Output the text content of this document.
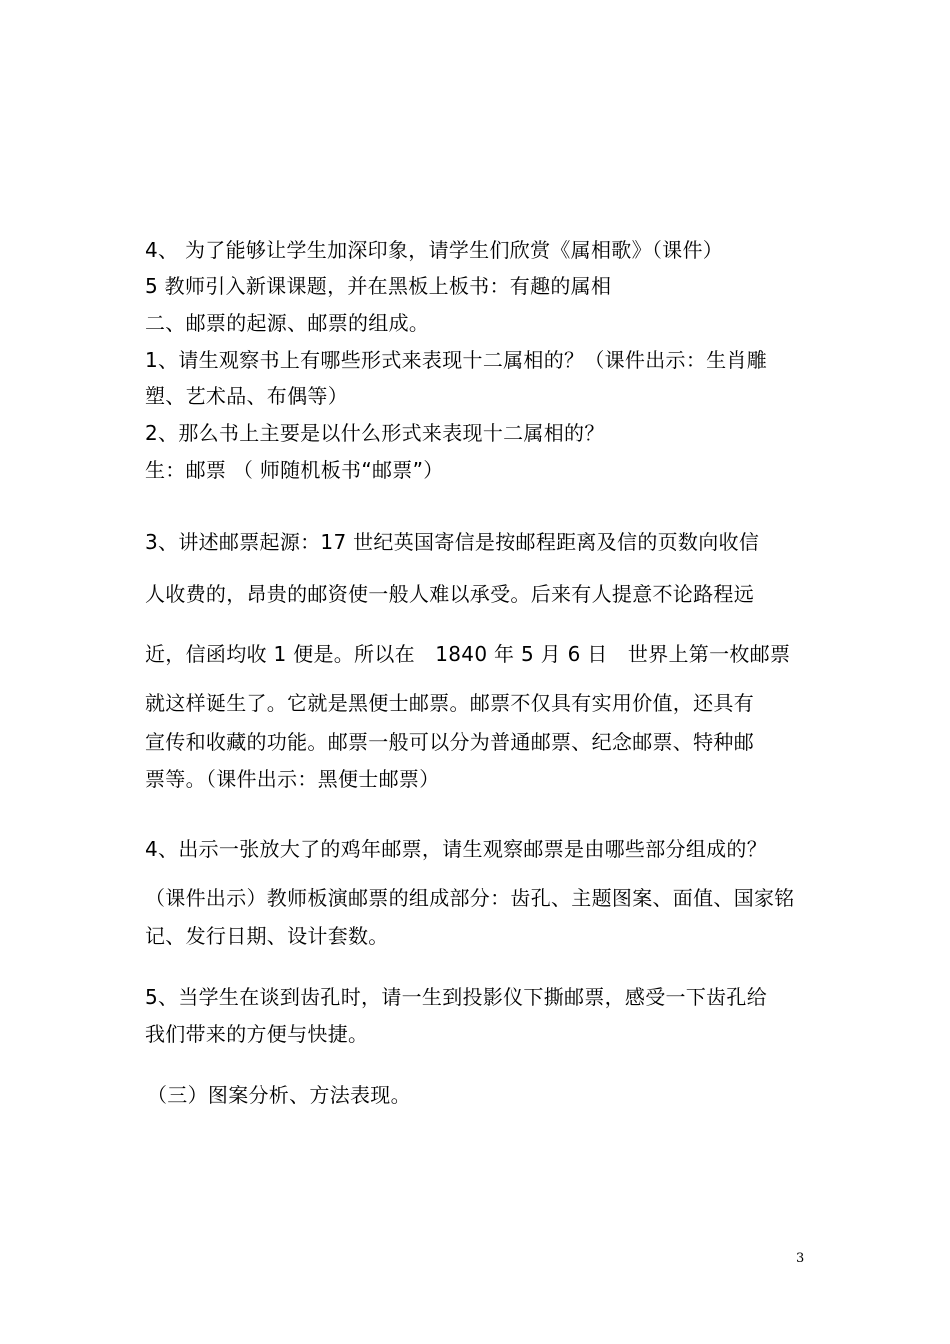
4、 为了能够让学生加深印象，请学生们欣赏《属相歌》（课件）
5 教师引入新课课题，并在黑板上板书：有趣的属相
二、邮票的起源、邮票的组成。
1、请生观察书上有哪些形式来表现十二属相的？（课件出示：生肖雕
塑、艺术品、布偶等）
2、那么书上主要是以什么形式来表现十二属相的？
生：邮票 （ 师随机板书“邮票”）
3、讲述邮票起源：17 世纪英国寄信是按邮程距离及信的页数向收信
人收费的，昂贵的邮资使一般人难以承受。后来有人提意不论路程远
近，信函均收 1 便是。所以在　1840 年 5 月 6 日　世界上第一枚邮票
就这样诞生了。它就是黑便士邮票。邮票不仅具有实用价值，还具有
宣传和收藏的功能。邮票一般可以分为普通邮票、纪念邮票、特种邮
票等。（课件出示：黑便士邮票）
4、出示一张放大了的鸡年邮票，请生观察邮票是由哪些部分组成的？
（课件出示）教师板演邮票的组成部分：齿孔、主题图案、面值、国家铭
记、发行日期、设计套数。
5、当学生在谈到齿孔时，请一生到投影仪下撕邮票，感受一下齿孔给
我们带来的方便与快捷。
（三）图案分析、方法表现。
3
